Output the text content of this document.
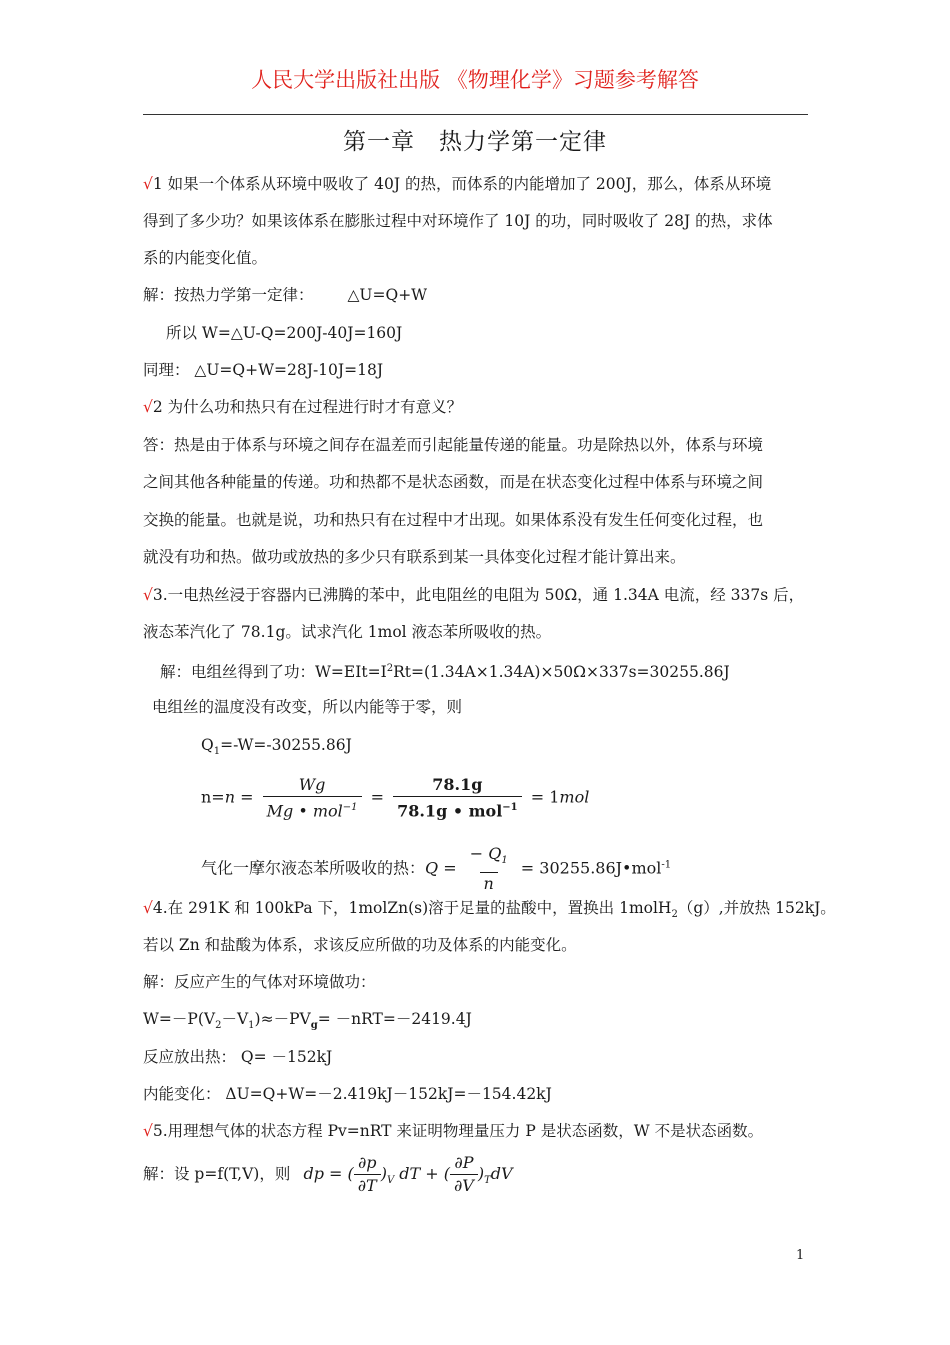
人民大学出版社出版 《物理化学》习题参考解答
第一章　热力学第一定律
√1 如果一个体系从环境中吸收了 40J 的热，而体系的内能增加了 200J，那么，体系从环境
得到了多少功？如果该体系在膨胀过程中对环境作了 10J 的功，同时吸收了 28J 的热，求体
系的内能变化值。
解：按热力学第一定律： △U=Q+W
所以 W=△U-Q=200J-40J=160J
同理： △U=Q+W=28J-10J=18J
√2 为什么功和热只有在过程进行时才有意义？
答：热是由于体系与环境之间存在温差而引起能量传递的能量。功是除热以外，体系与环境
之间其他各种能量的传递。功和热都不是状态函数，而是在状态变化过程中体系与环境之间
交换的能量。也就是说，功和热只有在过程中才出现。如果体系没有发生任何变化过程，也
就没有功和热。做功或放热的多少只有联系到某一具体变化过程才能计算出来。
√3.一电热丝浸于容器内已沸腾的苯中，此电阻丝的电阻为 50Ω，通 1.34A 电流，经 337s 后，
液态苯汽化了 78.1g。试求汽化 1mol 液态苯所吸收的热。
解：电组丝得到了功：$W=EIt=I^2Rt=(1.34A\times 1.34A)\times 50\Omega\times 337s=30255.86J$
电组丝的温度没有改变，所以内能等于零，则
$Q_1=-W=-30255.86J$
$n=n = \frac{Wg}{Mg • mol^{-1}} = \frac{78.1g}{78.1g • mol^{-1}} = 1mol$
气化一摩尔液态苯所吸收的热：$Q = \frac{- Q_1}{n}$ = 30255.86J•mol$^{-1}$
√4.在 291K 和 100kPa 下，1molZn(s)溶于足量的盐酸中，置换出 1molH$_2$（g）,并放热 152kJ。
若以 Zn 和盐酸为体系，求该反应所做的功及体系的内能变化。
解：反应产生的气体对环境做功：
$W=-P(V_2-V_1)\approx-PV_g= -nRT=-2419.4J$
反应放出热： Q= －152kJ
内能变化： ΔU=Q+W=－2.419kJ－152kJ=－154.42kJ
√5.用理想气体的状态方程 Pv=nRT 来证明物理量压力 P 是状态函数，W 不是状态函数。
解：设 p=f(T,V)，则 dp = ( $\frac{\partial p}{\partial T} )_V$ dT + ( $\frac{\partial P}{\partial V} )_TdV$
1
